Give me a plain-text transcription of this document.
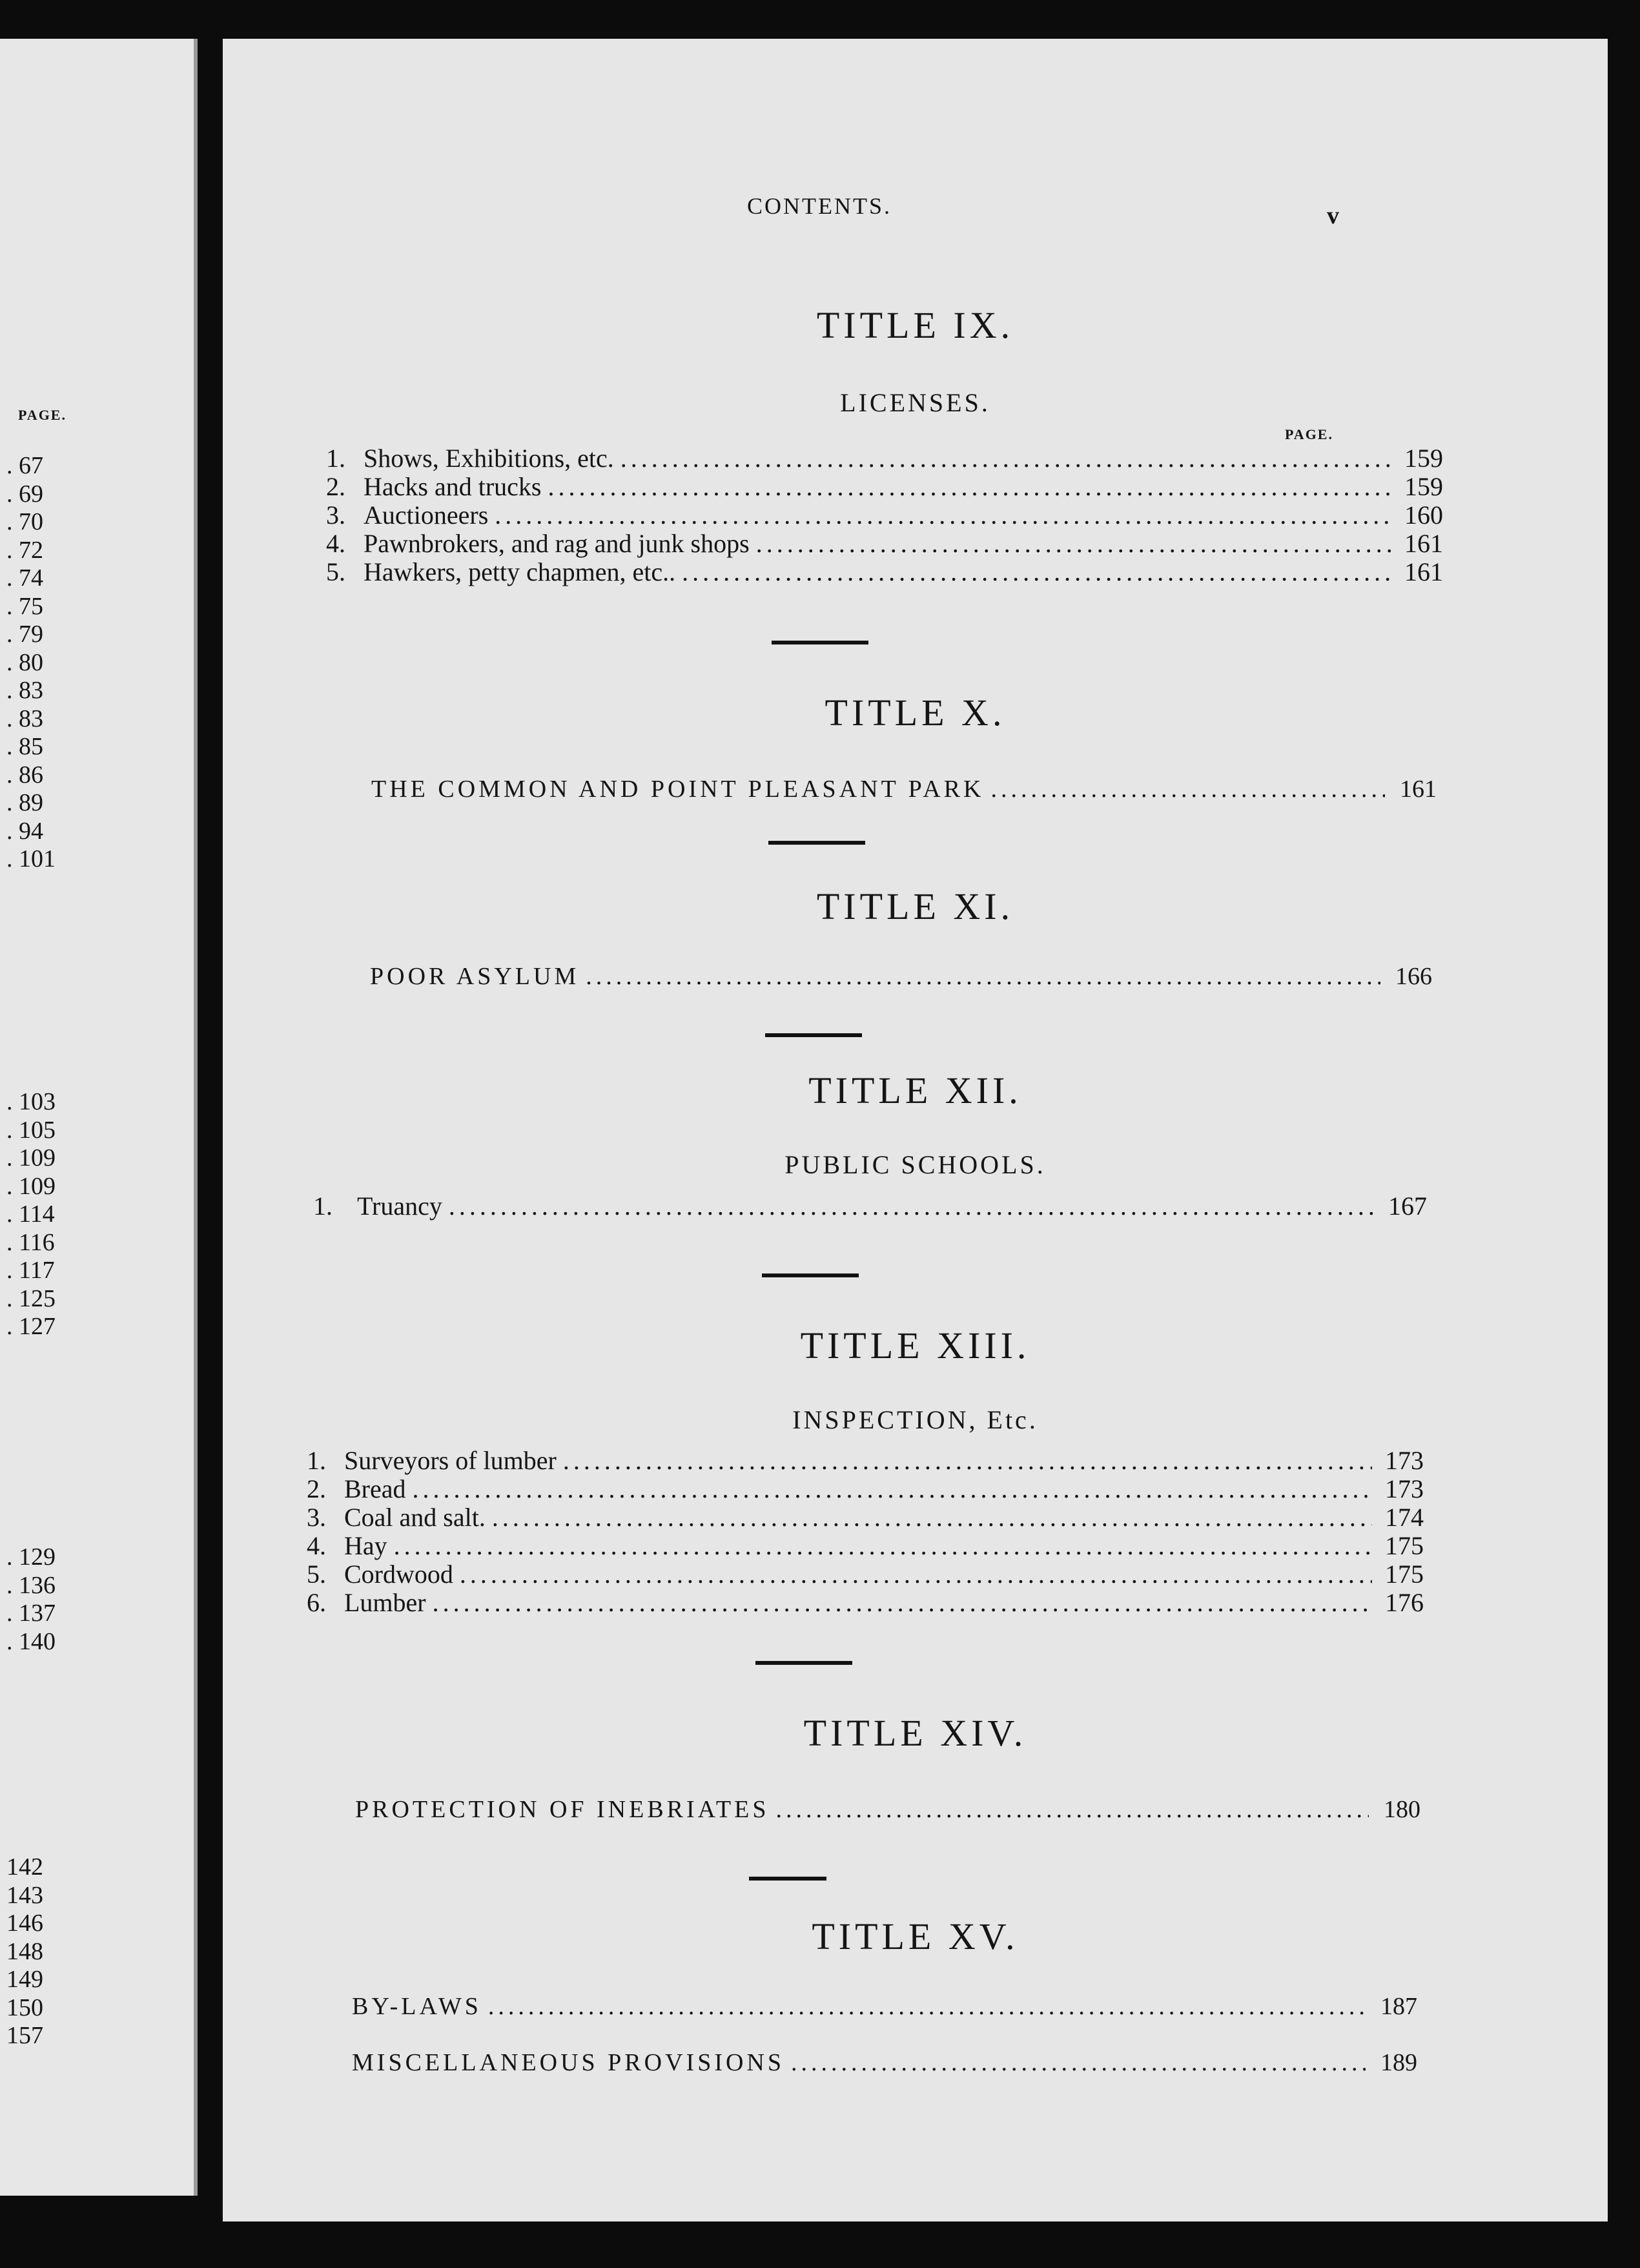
PAGE.
. 67
. 69
. 70
. 72
. 74
. 75
. 79
. 80
. 83
. 83
. 85
. 86
. 89
. 94
. 101
. 103
. 105
. 109
. 109
. 114
. 116
. 117
. 125
. 127
. 129
. 136
. 137
. 140
142
143
146
148
149
150
157
CONTENTS.	v
TITLE IX.
LICENSES.
PAGE.
1. Shows, Exhibitions, etc. .....	159
2. Hacks and trucks .....	159
3. Auctioneers .....	160
4. Pawnbrokers, and rag and junk shops .....	161
5. Hawkers, petty chapmen, etc.. .....	161
TITLE X.
THE COMMON AND POINT PLEASANT PARK .....	161
TITLE XI.
POOR ASYLUM .....	166
TITLE XII.
PUBLIC SCHOOLS.
1. Truancy .....	167
TITLE XIII.
INSPECTION, Etc.
1. Surveyors of lumber .....	173
2. Bread .....	173
3. Coal and salt. .....	174
4. Hay .....	175
5. Cordwood .....	175
6. Lumber .....	176
TITLE XIV.
PROTECTION OF INEBRIATES .....	180
TITLE XV.
BY-LAWS .....	187
MISCELLANEOUS PROVISIONS .....	189
